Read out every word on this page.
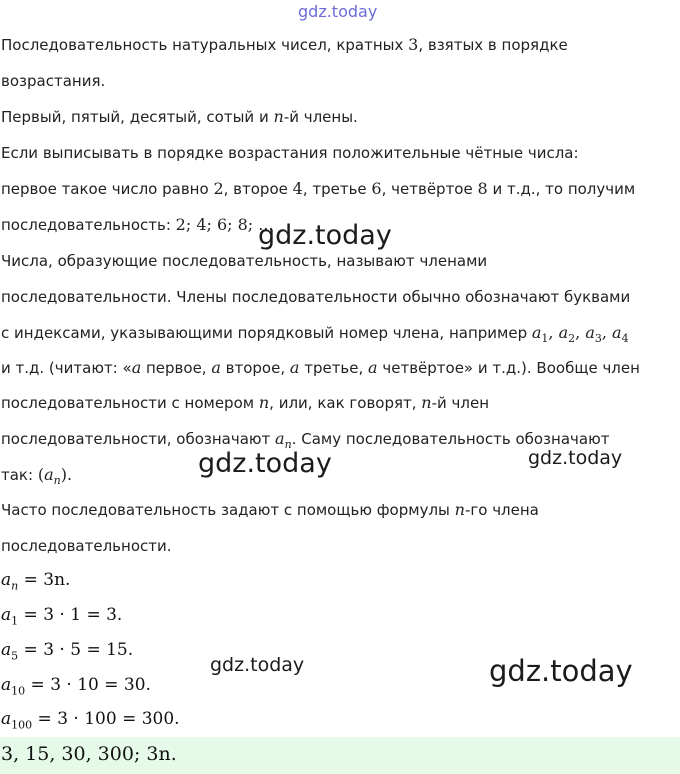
gdz.today
Последовательность натуральных чисел, кратных 3, взятых в порядке
возрастания.
Первый, пятый, десятый, сотый и n-й члены.
Если выписывать в порядке возрастания положительные чётные числа:
первое такое число равно 2, второе 4, третье 6, четвёртое 8 и т.д., то получим
последовательность: 2; 4; 6; 8; ...
Числа, образующие последовательность, называют членами
последовательности. Члены последовательности обычно обозначают буквами
с индексами, указывающими порядковый номер члена, например $a_1$, $a_2$, $a_3$, $a_4$
и т.д. (читают: «a первое, a второе, a третье, a четвёртое» и т.д.). Вообще член
последовательности с номером n, или, как говорят, n-й член
последовательности, обозначают $a_n$. Саму последовательность обозначают
так: $(a_n)$.
Часто последовательность задают с помощью формулы n-го члена
последовательности.
$a_n = 3n$.
$a_1 = 3 \cdot 1 = 3$.
$a_5 = 3 \cdot 5 = 15$.
$a_{10} = 3 \cdot 10 = 30$.
$a_{100} = 3 \cdot 100 = 300$.
3, 15, 30, 300; 3n.
gdz.today
gdz.today	gdz.today
gdz.today	gdz.today
